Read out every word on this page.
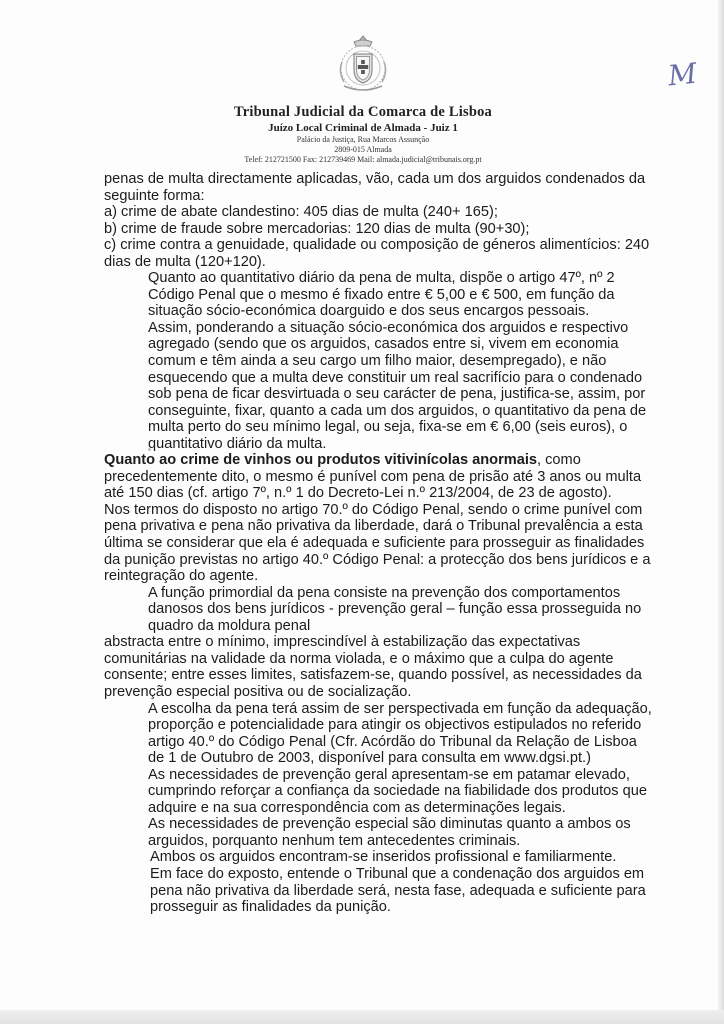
M
Tribunal Judicial da Comarca de Lisboa
Juízo Local Criminal de Almada - Juiz 1
Palácio da Justiça, Rua Marcos Assunção
2809-015 Almada
Telef: 212721500 Fax: 212739469 Mail: almada.judicial@tribunais.org.pt

penas de multa directamente aplicadas, vão, cada um dos arguidos condenados da seguinte forma:

a) crime de abate clandestino: 405 dias de multa (240+ 165);

b) crime de fraude sobre mercadorias: 120 dias de multa (90+30);

c) crime contra a genuidade, qualidade ou composição de géneros alimentícios: 240 dias de multa (120+120).

Quanto ao quantitativo diário da pena de multa, dispõe o artigo 47º, nº 2 Código Penal que o mesmo é fixado entre € 5,00 e € 500, em função da situação sócio-económica doarguido e dos seus encargos pessoais.

Assim, ponderando a situação sócio-económica dos arguidos e respectivo agregado (sendo que os arguidos, casados entre si, vivem em economia comum e têm ainda a seu cargo um filho maior, desempregado), e não esquecendo que a multa deve constituir um real sacrifício para o condenado sob pena de ficar desvirtuada o seu carácter de pena, justifica-se, assim, por conseguinte, fixar, quanto a cada um dos arguidos, o quantitativo da pena de multa perto do seu mínimo legal, ou seja, fixa-se em € 6,00 (seis euros), o quantitativo diário da multa.

Quanto ao crime de vinhos ou produtos vitivinícolas anormais, como precedentemente dito, o mesmo é punível com pena de prisão até 3 anos ou multa até 150 dias (cf. artigo 7º, n.º 1 do Decreto-Lei n.º 213/2004, de 23 de agosto).

Nos termos do disposto no artigo 70.º do Código Penal, sendo o crime punível com pena privativa e pena não privativa da liberdade, dará o Tribunal prevalência a esta última se considerar que ela é adequada e suficiente para prosseguir as finalidades da punição previstas no artigo 40.º Código Penal: a protecção dos bens jurídicos e a reintegração do agente.

A função primordial da pena consiste na prevenção dos comportamentos danosos dos bens jurídicos - prevenção geral – função essa prosseguida no quadro da moldura penal

abstracta entre o mínimo, imprescindível à estabilização das expectativas comunitárias na validade da norma violada, e o máximo que a culpa do agente consente; entre esses limites, satisfazem-se, quando possível, as necessidades da prevenção especial positiva ou de socialização.

A escolha da pena terá assim de ser perspectivada em função da adequação, proporção e potencialidade para atingir os objectivos estipulados no referido artigo 40.º do Código Penal (Cfr. Acórdão do Tribunal da Relação de Lisboa de 1 de Outubro de 2003, disponível para consulta em www.dgsi.pt.)

As necessidades de prevenção geral apresentam-se em patamar elevado, cumprindo reforçar a confiança da sociedade na fiabilidade dos produtos que adquire e na sua correspondência com as determinações legais.

As necessidades de prevenção especial são diminutas quanto a ambos os arguidos, porquanto nenhum tem antecedentes criminais.

Ambos os arguidos encontram-se inseridos profissional e familiarmente.

Em face do exposto, entende o Tribunal que a condenação dos arguidos em pena não privativa da liberdade será, nesta fase, adequada e suficiente para prosseguir as finalidades da punição.
